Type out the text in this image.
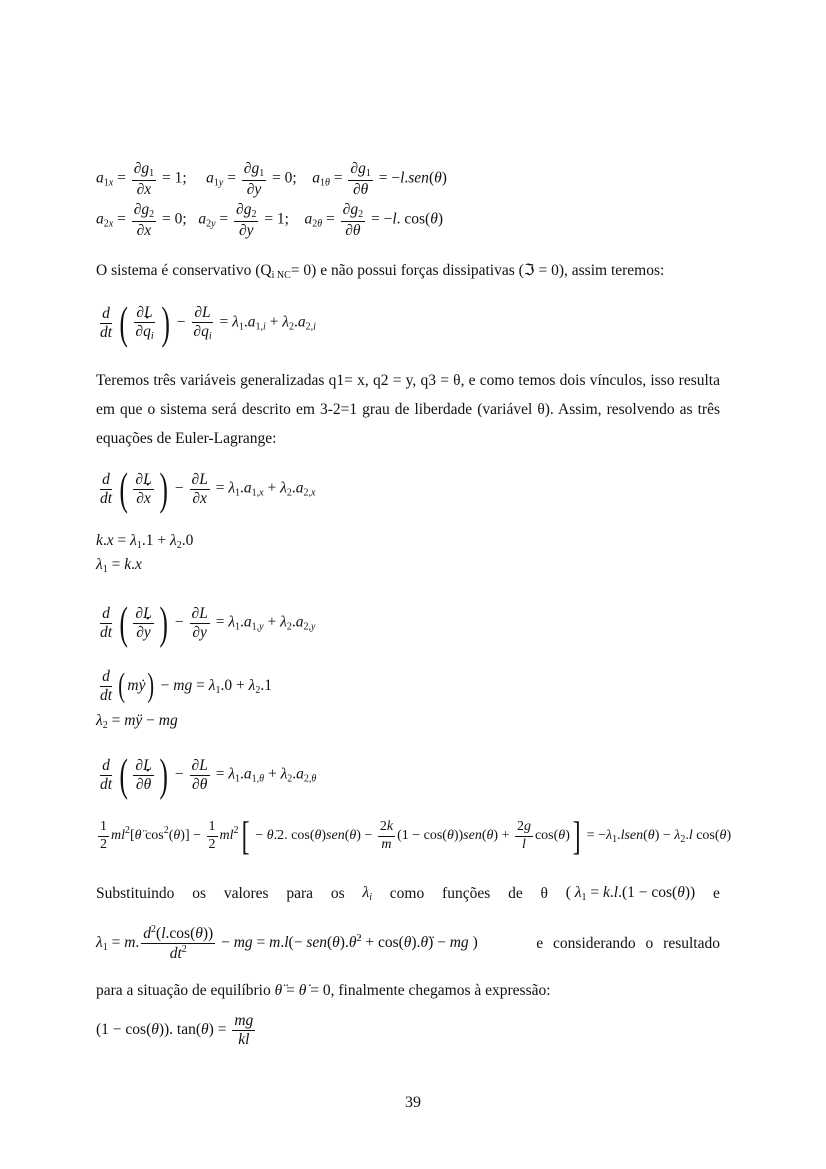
$a_{1x} = \frac{\partial g_1}{\partial x} = 1$;     $a_{1y} = \frac{\partial g_1}{\partial y} = 0$;    $a_{1\theta} = \frac{\partial g_1}{\partial\theta} = -l.sen(\theta)$
$a_{2x} = \frac{\partial g_2}{\partial x} = 0$;   $a_{2y} = \frac{\partial g_2}{\partial y} = 1$;    $a_{2\theta} = \frac{\partial g_2}{\partial\theta} = -l$. cos(θ)
O sistema é conservativo $(Q_{i NC}= 0)$ e não possui forças dissipativas (ℑ = 0), assim teremos:
$\frac{d}{dt}$ ( $\frac{\partial L}{\partial• q_i}$ ) − $\frac{\partial L}{\partial q_i} = \lambda_1.a_{1,i} + \lambda_2.a_{2,i}$
Teremos três variáveis generalizadas q1= x, q2 = y, q3 = θ, e como temos dois vínculos, isso resulta em que o sistema será descrito em 3-2=1 grau de liberdade (variável θ). Assim, resolvendo as três equações de Euler-Lagrange:
$\frac{d}{dt}$ ( $\frac{\partial L}{\partial• x}$ ) − $\frac{\partial L}{\partial x} = \lambda_1.a_{1,x} + \lambda_2.a_{2,x}$
$k.x = \lambda_1.1 + \lambda_2.0$
$\lambda_1 = k.x$
$\frac{d}{dt}$ ( $\frac{\partial L}{\partial• y}$ ) − $\frac{\partial L}{\partial y} = \lambda_1.a_{1,y} + \lambda_2.a_{2,y}$
$\frac{d}{dt}$ ( mẏ) − mg = $\lambda_1.0 + \lambda_2.1$
$\lambda_2$ = mÿ − mg
$\frac{d}{dt}$ ( $\frac{\partial L}{\partial• \theta}$ ) − $\frac{\partial L}{\partial\theta} = \lambda_1.a_{1,\theta} + \lambda_2.a_{2,\theta}$
$\frac{1}{2}$ $ml^2[\thetä$ $\cos^2(\theta)] - \frac{1}{2} ml^2$[ − θ̇.2. $\cos(\theta)sen(\theta) - \frac{2k}{m} (1 - \cos(\theta))sen(\theta) + \frac{2g}{l} \cos(\theta)$] = $-\lambda_1.lsen(\theta) - \lambda_2.l$ cos(θ)
Substituindo os valores para os $\lambda_i$ como funções de θ ( $\lambda_1 = k.l.(1 - \cos(\theta))$ e
$\lambda_1 = m$. $\frac{d^2(l.\cos(\theta))}{dt^2}$ − mg = m.l(− sen(θ).θ̇$^2$ + cos(θ).θ̈) − mg )	e considerando o resultado
para a situação de equilíbrio θ̈ = θ̇ = 0, finalmente chegamos à expressão:
(1 − cos(θ)). $\tan(\theta) = \frac{mg}{kl}$
39
